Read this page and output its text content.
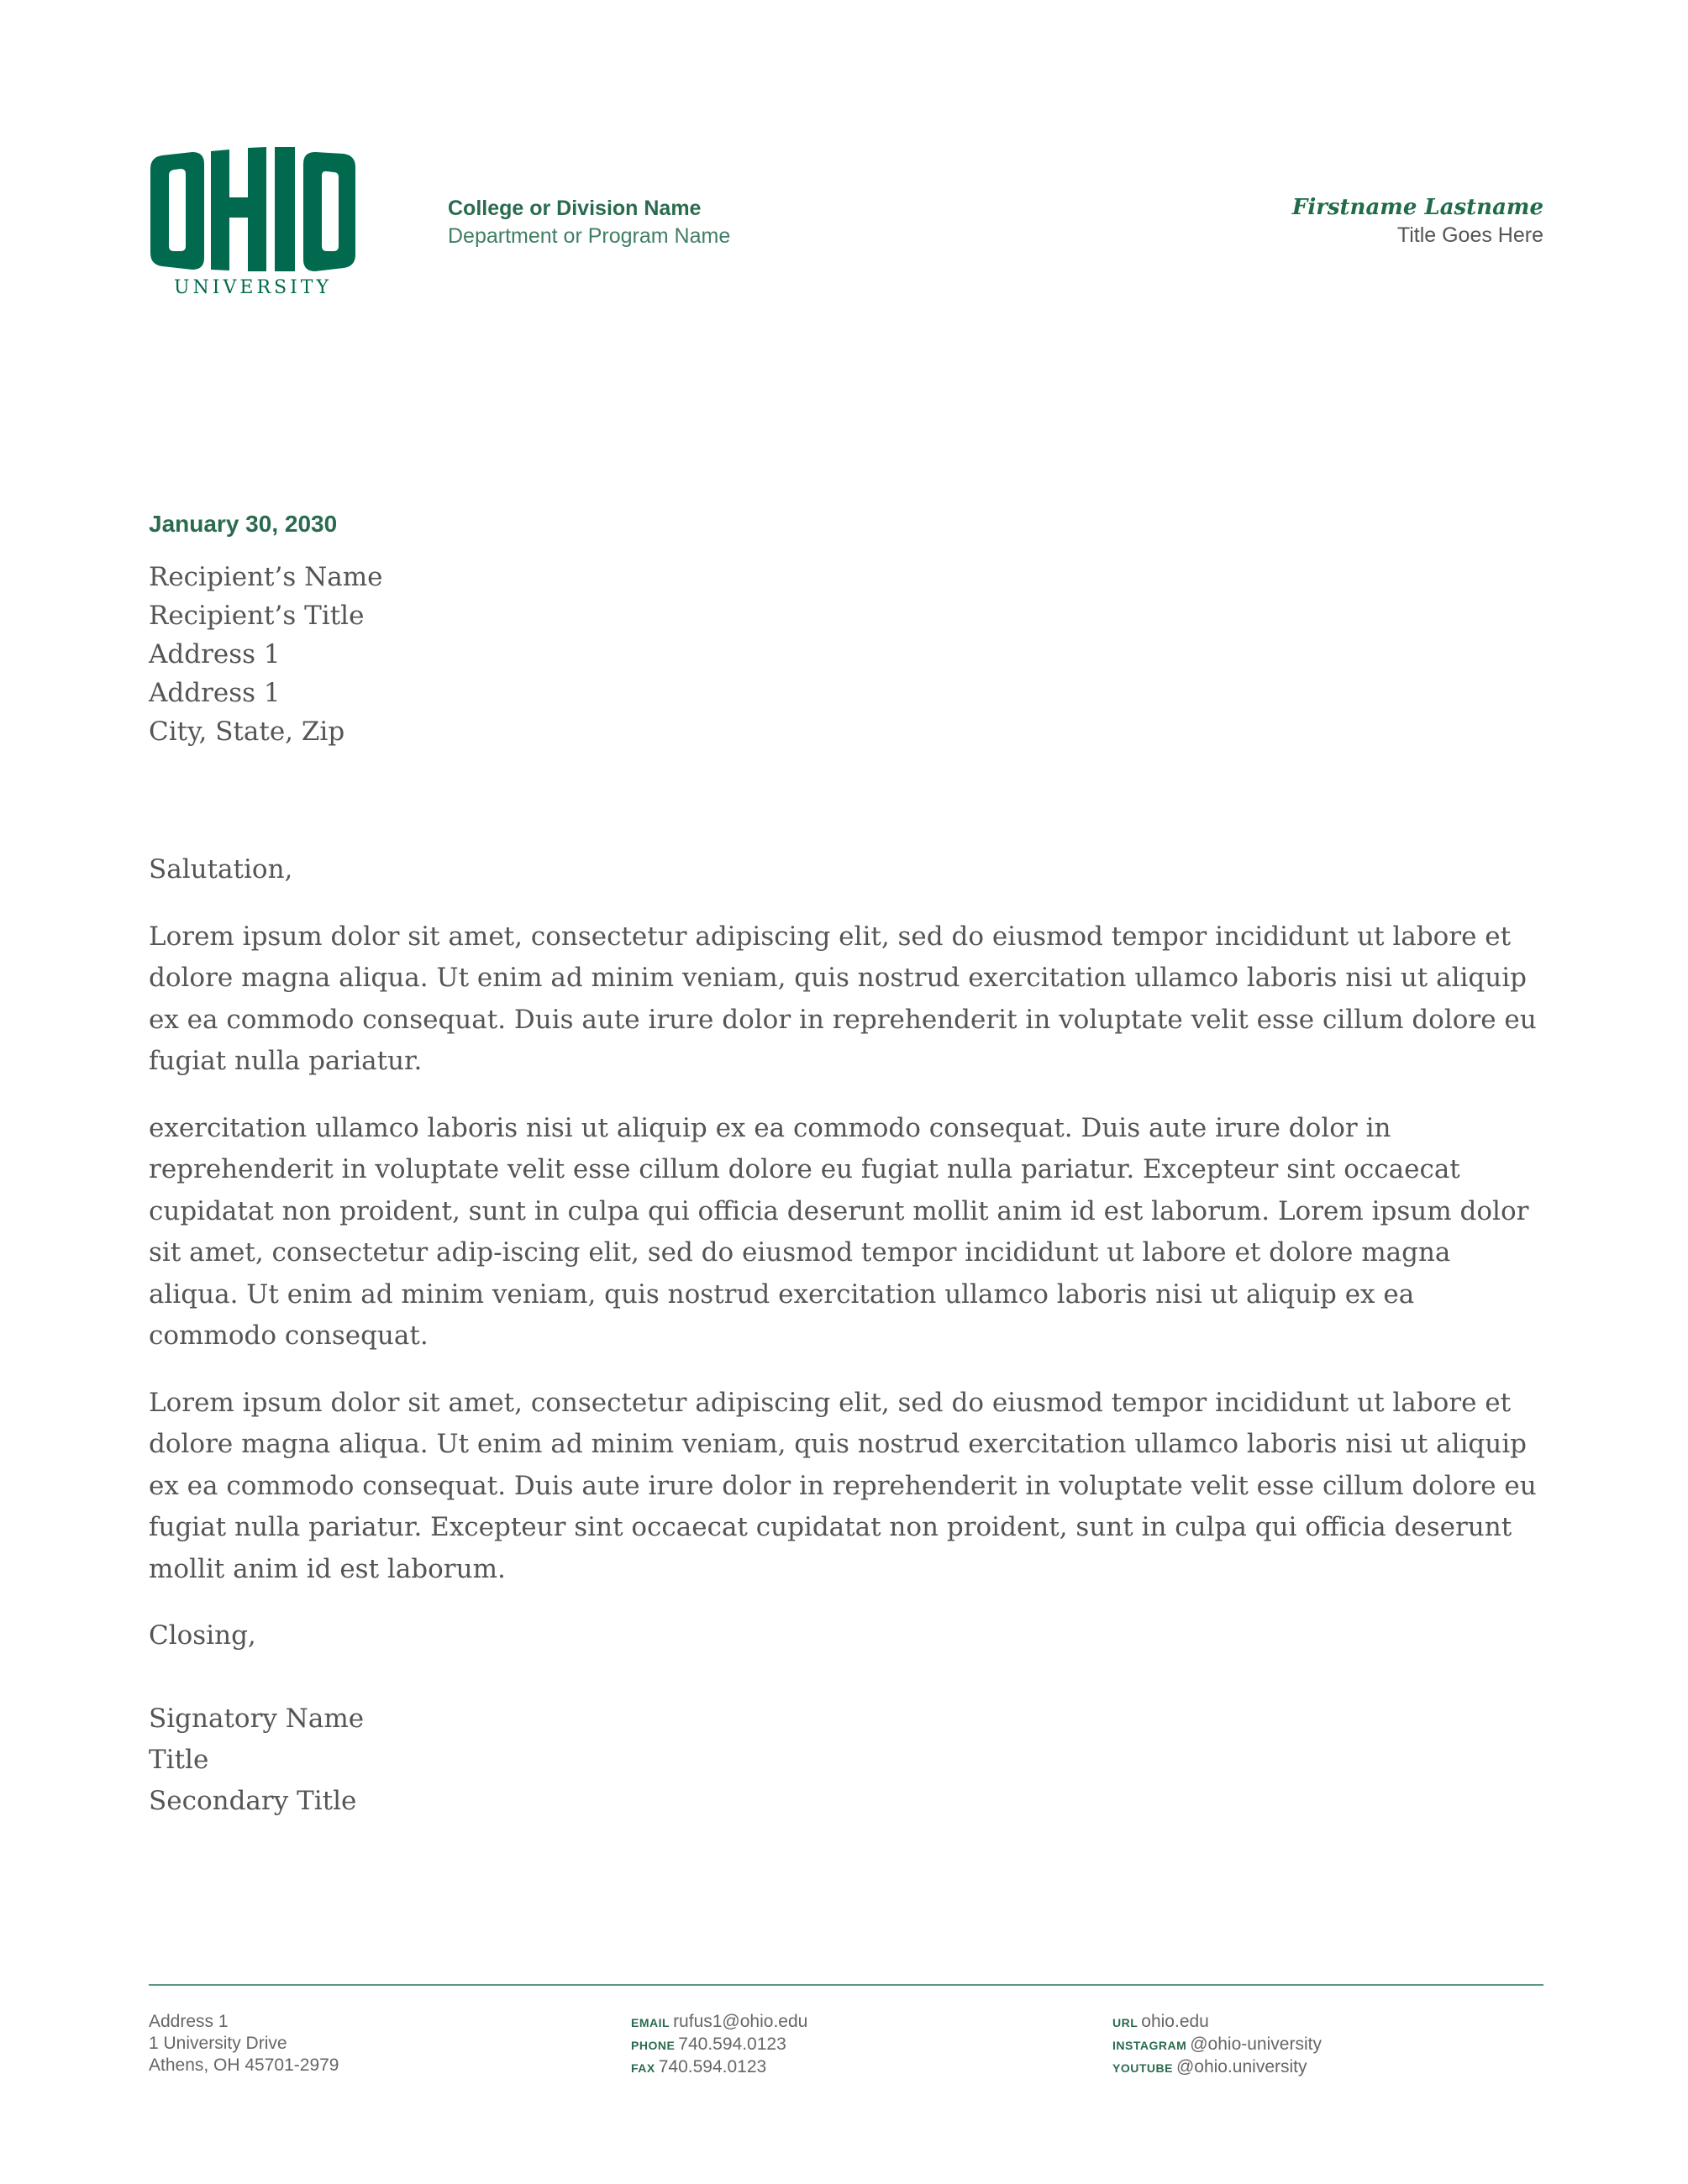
UNIVERSITY
College or Division Name
Department or Program Name
Firstname Lastname
Title Goes Here
January 30, 2030
Recipient’s Name
Recipient’s Title
Address 1
Address 1
City, State, Zip

Salutation,

Lorem ipsum dolor sit amet, consectetur adipiscing elit, sed do eiusmod tempor incididunt ut labore et dolore magna aliqua. Ut enim ad minim veniam, quis nostrud exercitation ullamco laboris nisi ut aliquip ex ea commodo consequat. Duis aute irure dolor in reprehenderit in voluptate velit esse cillum dolore eu fugiat nulla pariatur.

exercitation ullamco laboris nisi ut aliquip ex ea commodo consequat. Duis aute irure dolor in reprehenderit in voluptate velit esse cillum dolore eu fugiat nulla pariatur. Excepteur sint occaecat cupidatat non proident, sunt in culpa qui officia deserunt mollit anim id est laborum. Lorem ipsum dolor sit amet, consectetur adip-iscing elit, sed do eiusmod tempor incididunt ut labore et dolore magna aliqua. Ut enim ad minim veniam, quis nostrud exercitation ullamco laboris nisi ut aliquip ex ea commodo consequat.

Lorem ipsum dolor sit amet, consectetur adipiscing elit, sed do eiusmod tempor incididunt ut labore et dolore magna aliqua. Ut enim ad minim veniam, quis nostrud exercitation ullamco laboris nisi ut aliquip ex ea commodo consequat. Duis aute irure dolor in reprehenderit in voluptate velit esse cillum dolore eu fugiat nulla pariatur. Excepteur sint occaecat cupidatat non proident, sunt in culpa qui officia deserunt mollit anim id est laborum.

Closing,

Signatory Name
Title
Secondary Title
Address 1
1 University Drive
Athens, OH 45701-2979
EMAIL rufus1@ohio.edu
PHONE 740.594.0123
FAX 740.594.0123
URL ohio.edu
INSTAGRAM @ohio-university
YOUTUBE @ohio.university
